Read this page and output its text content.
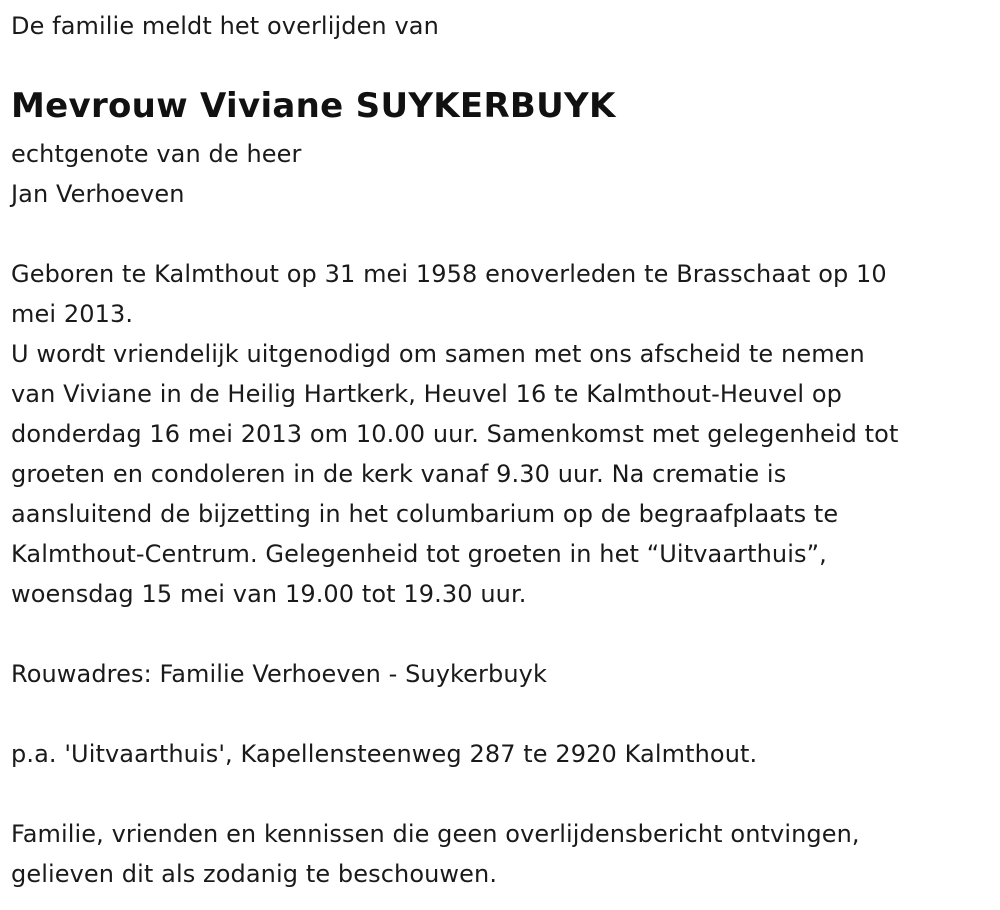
De familie meldt het overlijden van
Mevrouw Viviane SUYKERBUYK
echtgenote van de heer
Jan Verhoeven
Geboren te Kalmthout op 31 mei 1958 enoverleden te Brasschaat op 10
mei 2013.
U wordt vriendelijk uitgenodigd om samen met ons afscheid te nemen
van Viviane in de Heilig Hartkerk, Heuvel 16 te Kalmthout-Heuvel op
donderdag 16 mei 2013 om 10.00 uur. Samenkomst met gelegenheid tot
groeten en condoleren in de kerk vanaf 9.30 uur. Na crematie is
aansluitend de bijzetting in het columbarium op de begraafplaats te
Kalmthout-Centrum. Gelegenheid tot groeten in het “Uitvaarthuis”,
woensdag 15 mei van 19.00 tot 19.30 uur.
Rouwadres: Familie Verhoeven - Suykerbuyk
p.a. 'Uitvaarthuis', Kapellensteenweg 287 te 2920 Kalmthout.
Familie, vrienden en kennissen die geen overlijdensbericht ontvingen,
gelieven dit als zodanig te beschouwen.
